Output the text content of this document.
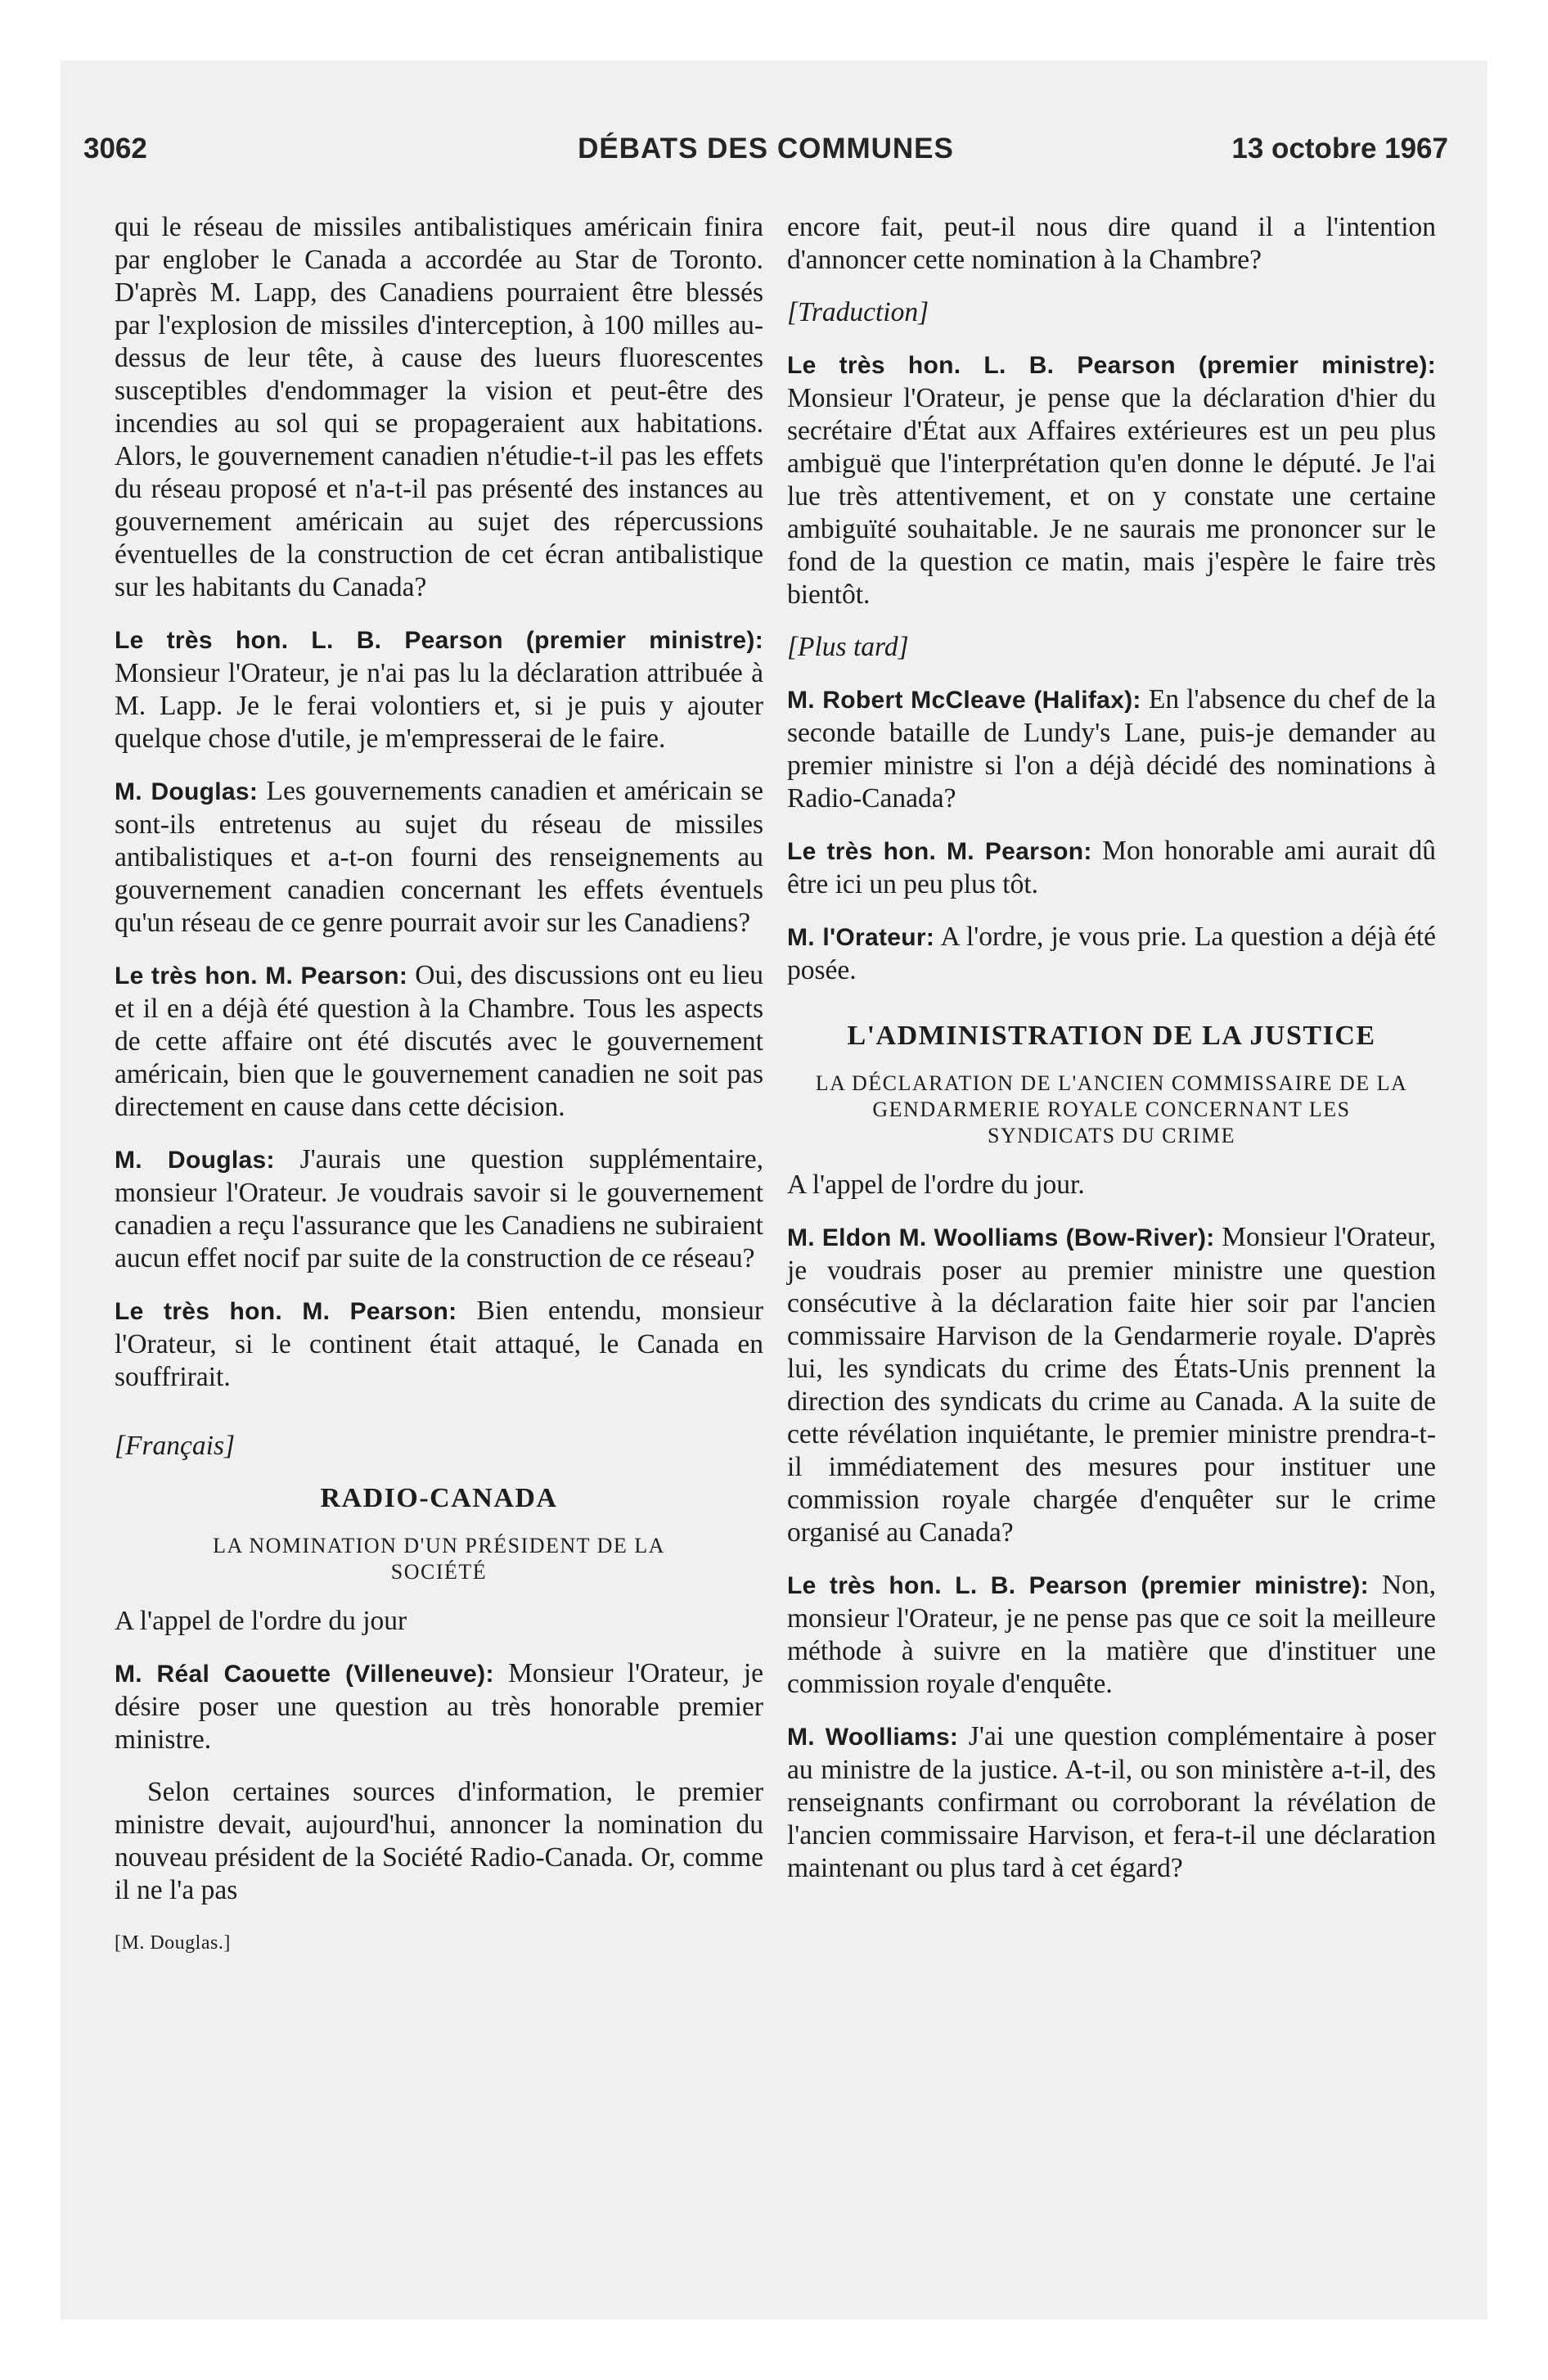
3062	DÉBATS DES COMMUNES	13 octobre 1967

qui le réseau de missiles antibalistiques américain finira par englober le Canada a accordée au Star de Toronto. D'après M. Lapp, des Canadiens pourraient être blessés par l'explosion de missiles d'interception, à 100 milles au-dessus de leur tête, à cause des lueurs fluorescentes susceptibles d'endommager la vision et peut-être des incendies au sol qui se propageraient aux habitations. Alors, le gouvernement canadien n'étudie-t-il pas les effets du réseau proposé et n'a-t-il pas présenté des instances au gouvernement américain au sujet des répercussions éventuelles de la construction de cet écran antibalistique sur les habitants du Canada?

Le très hon. L. B. Pearson (premier ministre): Monsieur l'Orateur, je n'ai pas lu la déclaration attribuée à M. Lapp. Je le ferai volontiers et, si je puis y ajouter quelque chose d'utile, je m'empresserai de le faire.

M. Douglas: Les gouvernements canadien et américain se sont-ils entretenus au sujet du réseau de missiles antibalistiques et a-t-on fourni des renseignements au gouvernement canadien concernant les effets éventuels qu'un réseau de ce genre pourrait avoir sur les Canadiens?

Le très hon. M. Pearson: Oui, des discussions ont eu lieu et il en a déjà été question à la Chambre. Tous les aspects de cette affaire ont été discutés avec le gouvernement américain, bien que le gouvernement canadien ne soit pas directement en cause dans cette décision.

M. Douglas: J'aurais une question supplémentaire, monsieur l'Orateur. Je voudrais savoir si le gouvernement canadien a reçu l'assurance que les Canadiens ne subiraient aucun effet nocif par suite de la construction de ce réseau?

Le très hon. M. Pearson: Bien entendu, monsieur l'Orateur, si le continent était attaqué, le Canada en souffrirait.

[Français]
RADIO-CANADA
LA NOMINATION D'UN PRÉSIDENT DE LA SOCIÉTÉ

A l'appel de l'ordre du jour

M. Réal Caouette (Villeneuve): Monsieur l'Orateur, je désire poser une question au très honorable premier ministre.

Selon certaines sources d'information, le premier ministre devait, aujourd'hui, annoncer la nomination du nouveau président de la Société Radio-Canada. Or, comme il ne l'a pas

[M. Douglas.]

encore fait, peut-il nous dire quand il a l'intention d'annoncer cette nomination à la Chambre?

[Traduction]

Le très hon. L. B. Pearson (premier ministre): Monsieur l'Orateur, je pense que la déclaration d'hier du secrétaire d'État aux Affaires extérieures est un peu plus ambiguë que l'interprétation qu'en donne le député. Je l'ai lue très attentivement, et on y constate une certaine ambiguïté souhaitable. Je ne saurais me prononcer sur le fond de la question ce matin, mais j'espère le faire très bientôt.

[Plus tard]

M. Robert McCleave (Halifax): En l'absence du chef de la seconde bataille de Lundy's Lane, puis-je demander au premier ministre si l'on a déjà décidé des nominations à Radio-Canada?

Le très hon. M. Pearson: Mon honorable ami aurait dû être ici un peu plus tôt.

M. l'Orateur: A l'ordre, je vous prie. La question a déjà été posée.

L'ADMINISTRATION DE LA JUSTICE
LA DÉCLARATION DE L'ANCIEN COMMISSAIRE DE LA GENDARMERIE ROYALE CONCERNANT LES SYNDICATS DU CRIME

A l'appel de l'ordre du jour.

M. Eldon M. Woolliams (Bow-River): Monsieur l'Orateur, je voudrais poser au premier ministre une question consécutive à la déclaration faite hier soir par l'ancien commissaire Harvison de la Gendarmerie royale. D'après lui, les syndicats du crime des États-Unis prennent la direction des syndicats du crime au Canada. A la suite de cette révélation inquiétante, le premier ministre prendra-t-il immédiatement des mesures pour instituer une commission royale chargée d'enquêter sur le crime organisé au Canada?

Le très hon. L. B. Pearson (premier ministre): Non, monsieur l'Orateur, je ne pense pas que ce soit la meilleure méthode à suivre en la matière que d'instituer une commission royale d'enquête.

M. Woolliams: J'ai une question complémentaire à poser au ministre de la justice. A-t-il, ou son ministère a-t-il, des renseignants confirmant ou corroborant la révélation de l'ancien commissaire Harvison, et fera-t-il une déclaration maintenant ou plus tard à cet égard?
